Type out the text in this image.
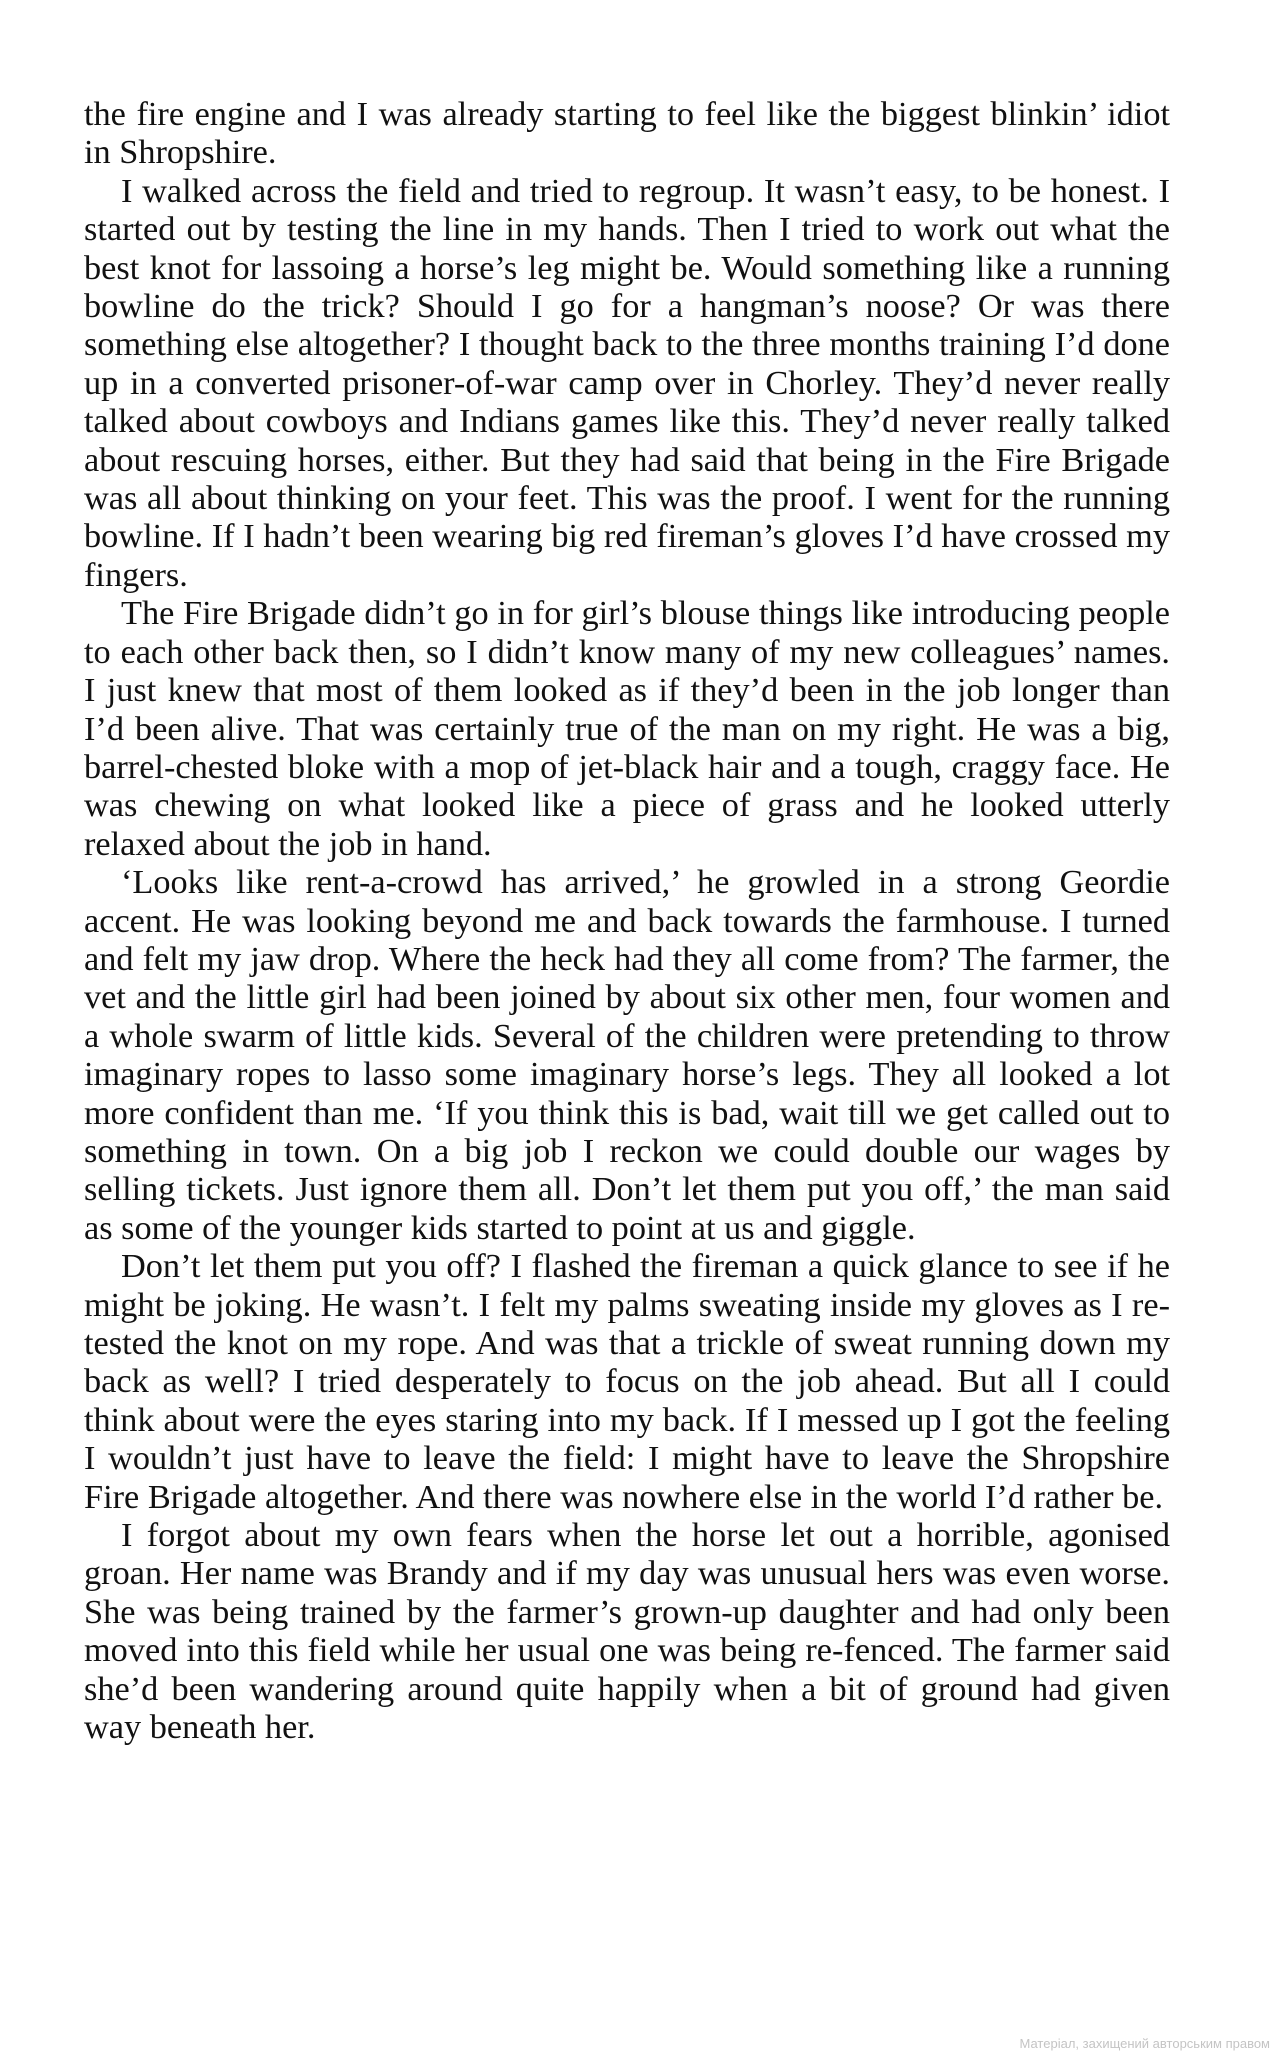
the fire engine and I was already starting to feel like the biggest blinkin’ idiot in Shropshire.

I walked across the field and tried to regroup. It wasn’t easy, to be honest. I started out by testing the line in my hands. Then I tried to work out what the best knot for lassoing a horse’s leg might be. Would something like a running bowline do the trick? Should I go for a hangman’s noose? Or was there something else altogether? I thought back to the three months training I’d done up in a converted prisoner-of-war camp over in Chorley. They’d never really talked about cowboys and Indians games like this. They’d never really talked about rescuing horses, either. But they had said that being in the Fire Brigade was all about thinking on your feet. This was the proof. I went for the running bowline. If I hadn’t been wearing big red fireman’s gloves I’d have crossed my fingers.

The Fire Brigade didn’t go in for girl’s blouse things like introducing people to each other back then, so I didn’t know many of my new colleagues’ names. I just knew that most of them looked as if they’d been in the job longer than I’d been alive. That was certainly true of the man on my right. He was a big, barrel-chested bloke with a mop of jet-black hair and a tough, craggy face. He was chewing on what looked like a piece of grass and he looked utterly relaxed about the job in hand.

‘Looks like rent-a-crowd has arrived,’ he growled in a strong Geordie accent. He was looking beyond me and back towards the farmhouse. I turned and felt my jaw drop. Where the heck had they all come from? The farmer, the vet and the little girl had been joined by about six other men, four women and a whole swarm of little kids. Several of the children were pretending to throw imaginary ropes to lasso some imaginary horse’s legs. They all looked a lot more confident than me. ‘If you think this is bad, wait till we get called out to something in town. On a big job I reckon we could double our wages by selling tickets. Just ignore them all. Don’t let them put you off,’ the man said as some of the younger kids started to point at us and giggle.

Don’t let them put you off? I flashed the fireman a quick glance to see if he might be joking. He wasn’t. I felt my palms sweating inside my gloves as I re-tested the knot on my rope. And was that a trickle of sweat running down my back as well? I tried desperately to focus on the job ahead. But all I could think about were the eyes staring into my back. If I messed up I got the feeling I wouldn’t just have to leave the field: I might have to leave the Shropshire Fire Brigade altogether. And there was nowhere else in the world I’d rather be.

I forgot about my own fears when the horse let out a horrible, agonised groan. Her name was Brandy and if my day was unusual hers was even worse. She was being trained by the farmer’s grown-up daughter and had only been moved into this field while her usual one was being re-fenced. The farmer said she’d been wandering around quite happily when a bit of ground had given way beneath her.

Матеріал, захищений авторським правом
